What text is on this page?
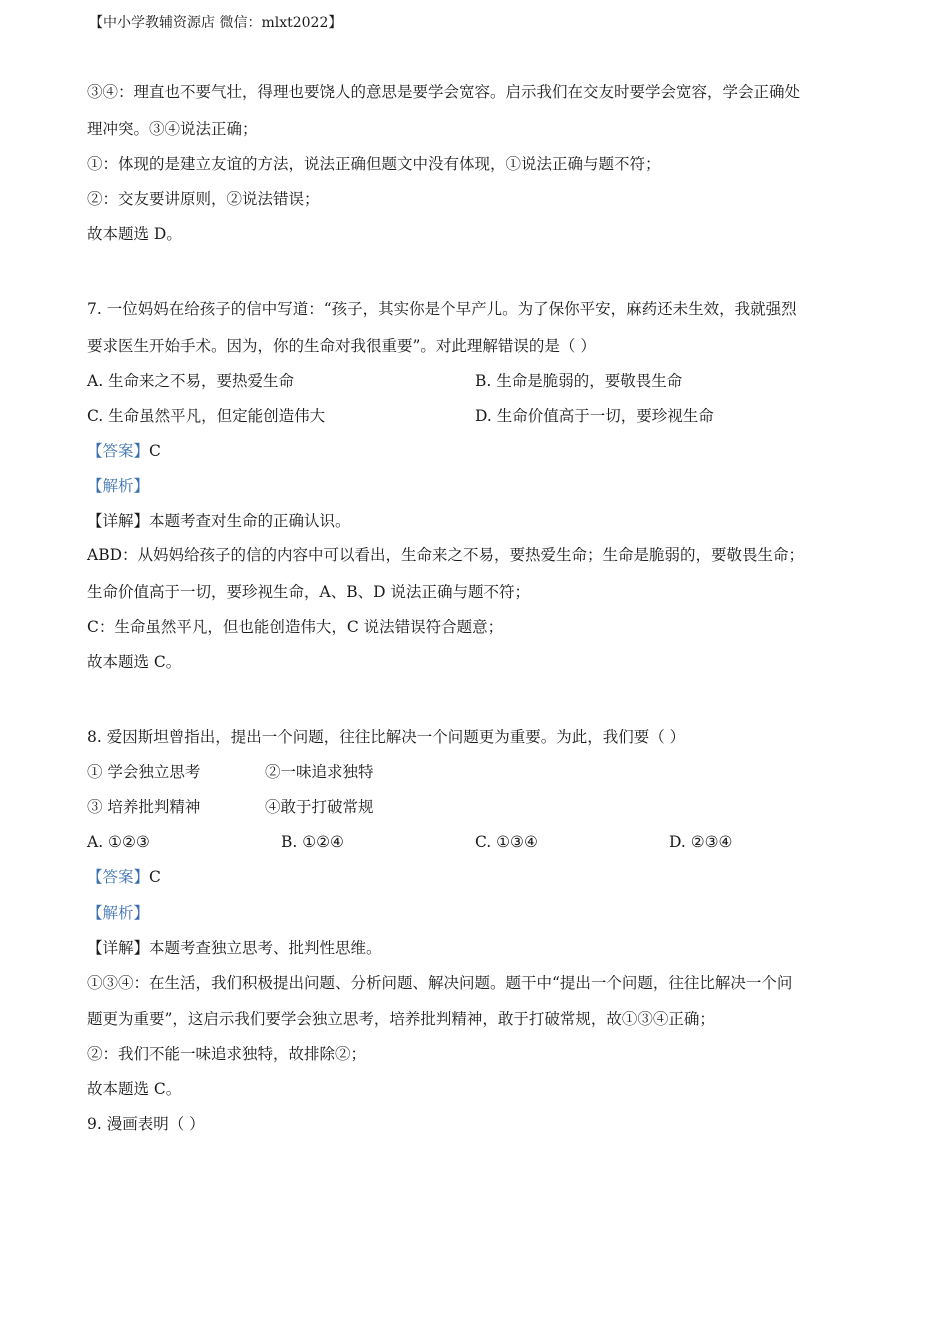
【中小学教辅资源店 微信：mlxt2022】
③④：理直也不要气壮，得理也要饶人的意思是要学会宽容。启示我们在交友时要学会宽容，学会正确处
理冲突。③④说法正确；
①：体现的是建立友谊的方法，说法正确但题文中没有体现，①说法正确与题不符；
②：交友要讲原则，②说法错误；
故本题选 D。
7. 一位妈妈在给孩子的信中写道：“孩子，其实你是个早产儿。为了保你平安，麻药还未生效，我就强烈
要求医生开始手术。因为，你的生命对我很重要”。对此理解错误的是（ ）
A. 生命来之不易，要热爱生命	B. 生命是脆弱的，要敬畏生命
C. 生命虽然平凡，但定能创造伟大	D. 生命价值高于一切，要珍视生命
【答案】C
【解析】
【详解】本题考查对生命的正确认识。
ABD：从妈妈给孩子的信的内容中可以看出，生命来之不易，要热爱生命；生命是脆弱的，要敬畏生命；
生命价值高于一切，要珍视生命，A、B、D 说法正确与题不符；
C：生命虽然平凡，但也能创造伟大，C 说法错误符合题意；
故本题选 C。
8. 爱因斯坦曾指出，提出一个问题，往往比解决一个问题更为重要。为此，我们要（ ）
① 学会独立思考	②一味追求独特
③ 培养批判精神	④敢于打破常规
A. ①②③	B. ①②④	C. ①③④	D. ②③④
【答案】C
【解析】
【详解】本题考查独立思考、批判性思维。
①③④：在生活，我们积极提出问题、分析问题、解决问题。题干中“提出一个问题，往往比解决一个问
题更为重要”，这启示我们要学会独立思考，培养批判精神，敢于打破常规，故①③④正确；
②：我们不能一味追求独特，故排除②；
故本题选 C。
9. 漫画表明（ ）
